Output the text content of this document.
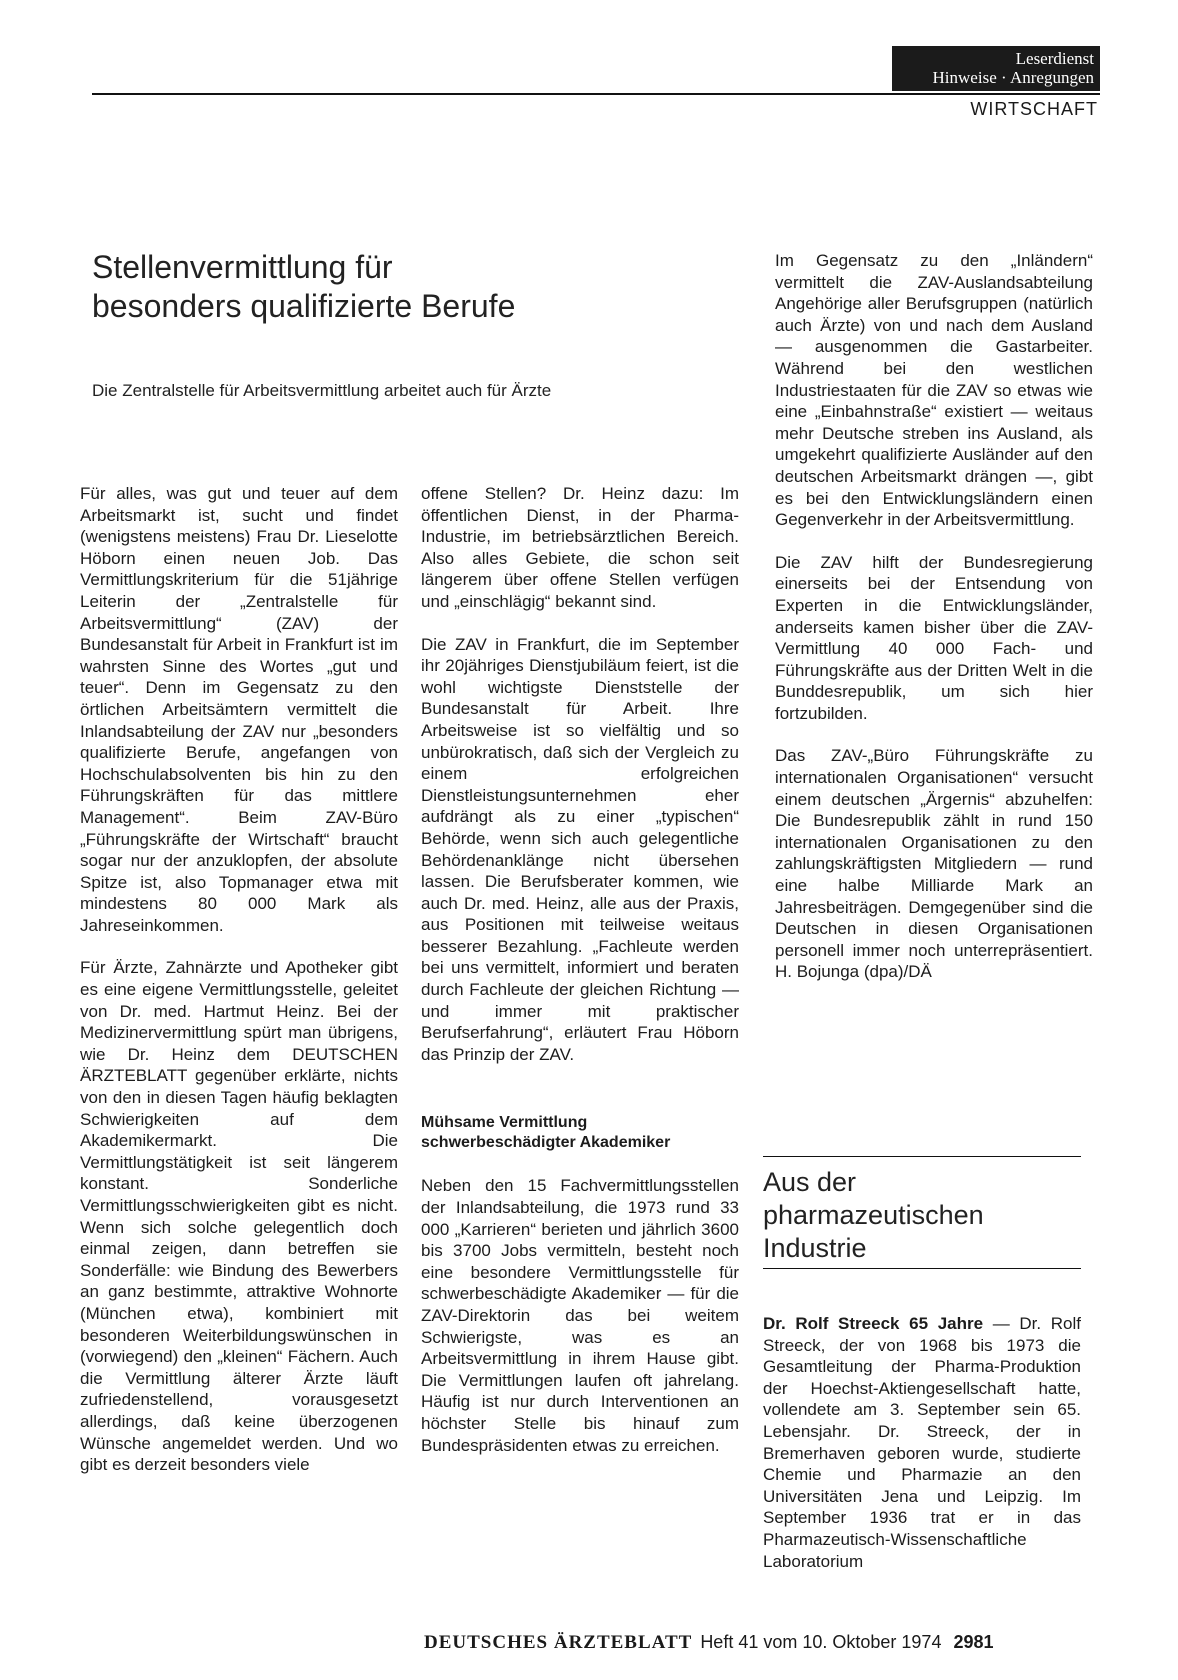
Leserdienst
Hinweise · Anregungen
WIRTSCHAFT
Stellenvermittlung für
besonders qualifizierte Berufe
Die Zentralstelle für Arbeitsvermittlung arbeitet auch für Ärzte

Für alles, was gut und teuer auf dem Arbeitsmarkt ist, sucht und findet (wenigstens meistens) Frau Dr. Lieselotte Höborn einen neuen Job. Das Vermittlungskriterium für die 51jährige Leiterin der „Zentralstelle für Arbeitsvermittlung“ (ZAV) der Bundesanstalt für Arbeit in Frankfurt ist im wahrsten Sinne des Wortes „gut und teuer“. Denn im Gegensatz zu den örtlichen Arbeitsämtern vermittelt die Inlandsabteilung der ZAV nur „besonders qualifizierte Berufe, angefangen von Hochschulabsolventen bis hin zu den Führungskräften für das mittlere Management“. Beim ZAV-Büro „Führungskräfte der Wirtschaft“ braucht sogar nur der anzuklopfen, der absolute Spitze ist, also Topmanager etwa mit mindestens 80 000 Mark als Jahreseinkommen.

Für Ärzte, Zahnärzte und Apotheker gibt es eine eigene Vermittlungsstelle, geleitet von Dr. med. Hartmut Heinz. Bei der Medizinervermittlung spürt man übrigens, wie Dr. Heinz dem DEUTSCHEN ÄRZTEBLATT gegenüber erklärte, nichts von den in diesen Tagen häufig beklagten Schwierigkeiten auf dem Akademikermarkt. Die Vermittlungstätigkeit ist seit längerem konstant. Sonderliche Vermittlungsschwierigkeiten gibt es nicht. Wenn sich solche gelegentlich doch einmal zeigen, dann betreffen sie Sonderfälle: wie Bindung des Bewerbers an ganz bestimmte, attraktive Wohnorte (München etwa), kombiniert mit besonderen Weiterbildungswünschen in (vorwiegend) den „kleinen“ Fächern. Auch die Vermittlung älterer Ärzte läuft zufriedenstellend, vorausgesetzt allerdings, daß keine überzogenen Wünsche angemeldet werden. Und wo gibt es derzeit besonders viele

offene Stellen? Dr. Heinz dazu: Im öffentlichen Dienst, in der Pharma-Industrie, im betriebsärztlichen Bereich. Also alles Gebiete, die schon seit längerem über offene Stellen verfügen und „einschlägig“ bekannt sind.

Die ZAV in Frankfurt, die im September ihr 20jähriges Dienstjubiläum feiert, ist die wohl wichtigste Dienststelle der Bundesanstalt für Arbeit. Ihre Arbeitsweise ist so vielfältig und so unbürokratisch, daß sich der Vergleich zu einem erfolgreichen Dienstleistungsunternehmen eher aufdrängt als zu einer „typischen“ Behörde, wenn sich auch gelegentliche Behördenanklänge nicht übersehen lassen. Die Berufsberater kommen, wie auch Dr. med. Heinz, alle aus der Praxis, aus Positionen mit teilweise weitaus besserer Bezahlung. „Fachleute werden bei uns vermittelt, informiert und beraten durch Fachleute der gleichen Richtung — und immer mit praktischer Berufserfahrung“, erläutert Frau Höborn das Prinzip der ZAV.

Mühsame Vermittlung schwerbeschädigter Akademiker

Neben den 15 Fachvermittlungsstellen der Inlandsabteilung, die 1973 rund 33 000 „Karrieren“ berieten und jährlich 3600 bis 3700 Jobs vermitteln, besteht noch eine besondere Vermittlungsstelle für schwerbeschädigte Akademiker — für die ZAV-Direktorin das bei weitem Schwierigste, was es an Arbeitsvermittlung in ihrem Hause gibt. Die Vermittlungen laufen oft jahrelang. Häufig ist nur durch Interventionen an höchster Stelle bis hinauf zum Bundespräsidenten etwas zu erreichen.

Im Gegensatz zu den „Inländern“ vermittelt die ZAV-Auslandsabteilung Angehörige aller Berufsgruppen (natürlich auch Ärzte) von und nach dem Ausland — ausgenommen die Gastarbeiter. Während bei den westlichen Industriestaaten für die ZAV so etwas wie eine „Einbahnstraße“ existiert — weitaus mehr Deutsche streben ins Ausland, als umgekehrt qualifizierte Ausländer auf den deutschen Arbeitsmarkt drängen —, gibt es bei den Entwicklungsländern einen Gegenverkehr in der Arbeitsvermittlung.

Die ZAV hilft der Bundesregierung einerseits bei der Entsendung von Experten in die Entwicklungsländer, anderseits kamen bisher über die ZAV-Vermittlung 40 000 Fach- und Führungskräfte aus der Dritten Welt in die Bunddesrepublik, um sich hier fortzubilden.

Das ZAV-„Büro Führungskräfte zu internationalen Organisationen“ versucht einem deutschen „Ärgernis“ abzuhelfen: Die Bundesrepublik zählt in rund 150 internationalen Organisationen zu den zahlungskräftigsten Mitgliedern — rund eine halbe Milliarde Mark an Jahresbeiträgen. Demgegenüber sind die Deutschen in diesen Organisationen personell immer noch unterrepräsentiert. H. Bojunga (dpa)/DÄ

Aus der
pharmazeutischen
Industrie

Dr. Rolf Streeck 65 Jahre — Dr. Rolf Streeck, der von 1968 bis 1973 die Gesamtleitung der Pharma-Produktion der Hoechst-Aktiengesellschaft hatte, vollendete am 3. September sein 65. Lebensjahr. Dr. Streeck, der in Bremerhaven geboren wurde, studierte Chemie und Pharmazie an den Universitäten Jena und Leipzig. Im September 1936 trat er in das Pharmazeutisch-Wissenschaftliche Laboratorium

DEUTSCHES ÄRZTEBLATT Heft 41 vom 10. Oktober 1974 2981
